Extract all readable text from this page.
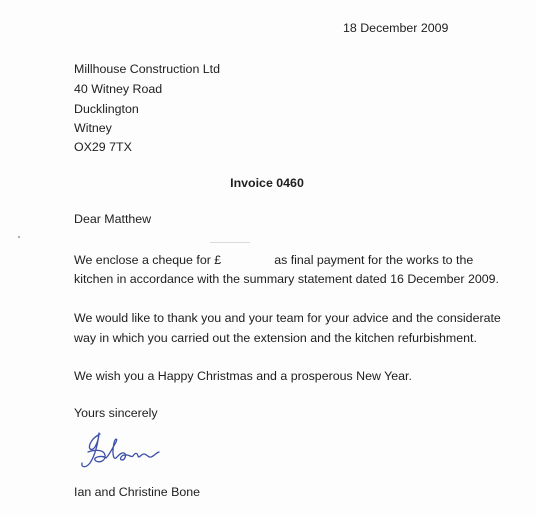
18 December 2009
Millhouse Construction Ltd
40 Witney Road
Ducklington
Witney
OX29 7TX
Invoice 0460
Dear Matthew
We enclose a cheque for £	as final payment for the works to the
kitchen in accordance with the summary statement dated 16 December 2009.
We would like to thank you and your team for your advice and the considerate
way in which you carried out the extension and the kitchen refurbishment.
We wish you a Happy Christmas and a prosperous New Year.
Yours sincerely
Ian and Christine Bone
